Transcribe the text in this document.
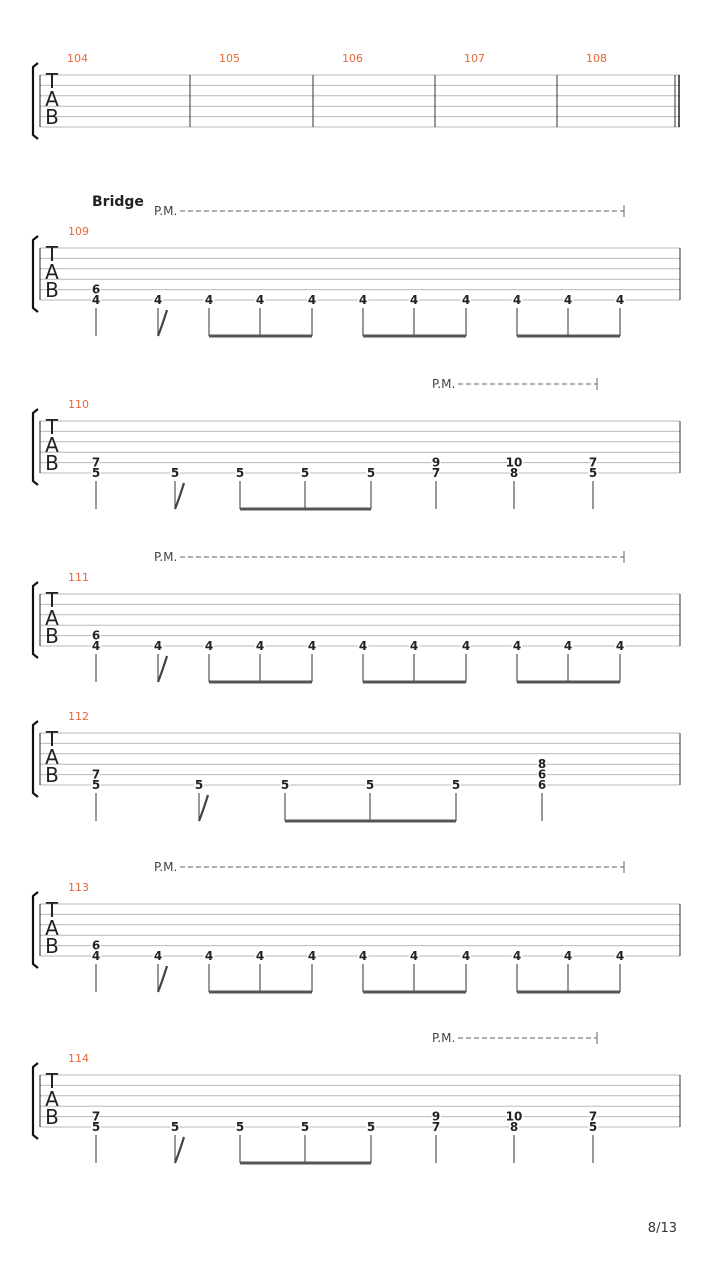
T
A
B
104	105	106	107	108
T
A
B
109
Bridge
P.M.
6
4	4	4	4	4	4	4	4	4	4	4
T
A
B
110
P.M.
7
5	5	5	5	5
9
7
10
8
7
5
T
A
B
111
P.M.
6
4	4	4	4	4	4	4	4	4	4	4
T
A
B
112
7
5	5	5	5	5
8
6
6
T
A
B
113
P.M.
6
4	4	4	4	4	4	4	4	4	4	4
T
A
B
114
P.M.
7
5	5	5	5	5
9
7
10
8
7
5
8/13
